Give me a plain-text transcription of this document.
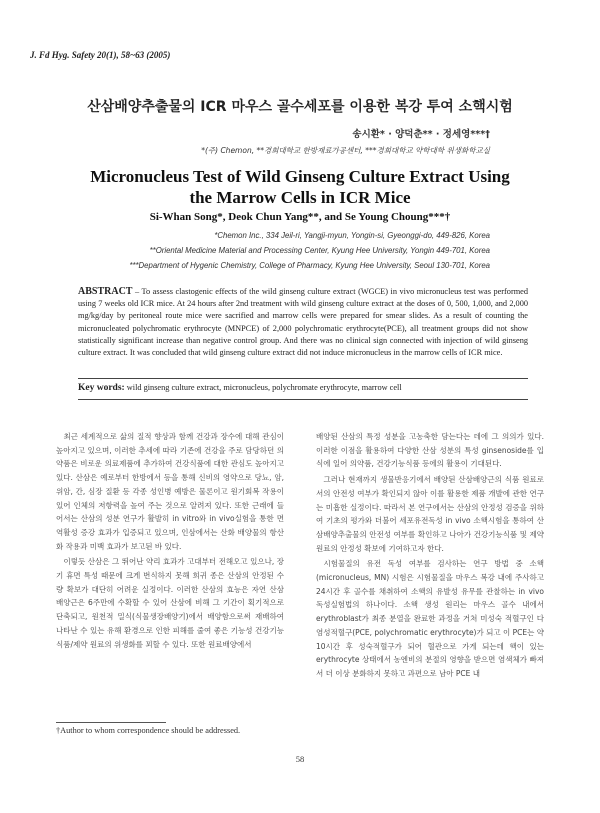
J. Fd Hyg. Safety 20(1), 58~63 (2005)
산삼배양추출물의 ICR 마우스 골수세포를 이용한 복강 투여 소핵시험
송시환* · 양덕춘** · 정세영***†
*(주) Chemon, **경희대학교 한방재료가공센터, ***경희대학교 약학대학 위생화학교실
Micronucleus Test of Wild Ginseng Culture Extract Using
the Marrow Cells in ICR Mice
Si-Whan Song*, Deok Chun Yang**, and Se Young Choung***†
*Chemon Inc., 334 Jeil-ri, Yangji-myun, Yongin-si, Gyeonggi-do, 449-826, Korea
**Oriental Medicine Material and Processing Center, Kyung Hee University, Yongin 449-701, Korea
***Department of Hygenic Chemistry, College of Pharmacy, Kyung Hee University, Seoul 130-701, Korea
ABSTRACT – To assess clastogenic effects of the wild ginseng culture extract (WGCE) in vivo micronucleus test was performed using 7 weeks old ICR mice. At 24 hours after 2nd treatment with wild ginseng culture extract at the doses of 0, 500, 1,000, and 2,000 mg/kg/day by peritoneal route mice were sacrified and marrow cells were prepared for smear slides. As a result of counting the micronucleated polychromatic erythrocyte (MNPCE) of 2,000 polychromatic erythrocyte(PCE), all treatment groups did not show statistically significant increase than negative control group. And there was no clinical sign connected with injection of wild ginseng culture extract. It was concluded that wild ginseng culture extract did not induce micronucleus in the marrow cells of ICR mice.
Key words: wild ginseng culture extract, micronucleus, polychromate erythrocyte, marrow cell

최근 세계적으로 삶의 질적 향상과 함께 건강과 장수에 대해 관심이 높아지고 있으며, 이러한 추세에 따라 기존에 건강을 주로 담당하던 의약품은 비로운 의료제품에 추가하여 건강식품에 대한 관심도 높아지고 있다. 산삼은 예로부터 한방에서 등을 통해 신비의 영약으로 당뇨, 암, 위암, 간, 심장 질환 등 각종 성인병 예방은 물론이고 원기회복 작용이 있어 인체의 저항력을 높여 주는 것으로 알려져 있다. 또한 근래에 들어서는 산삼의 성분 연구가 활발히 in vitro와 in vivo실험을 통한 면역활성 증강 효과가 입증되고 있으며, 인삼에서는 산화 배양물의 항산화 작용과 미백 효과가 보고된 바 있다.

이렇듯 산삼은 그 뛰어난 약리 효과가 고대부터 전해오고 있으나, 장기 휴면 특성 때문에 크게 번식하지 못해 희귀 종은 산삼의 안정된 수량 확보가 대단히 어려운 실정이다. 이러한 산삼의 효능은 자연 산삼 배양근은 6주만에 수확할 수 있어 산삼에 비해 그 기간이 획기적으로 단축되고, 원천적 밀식(식물생장배양기)에서 배양함으로써 재배하여 나타난 수 있는 유해 환경으로 인한 피해를 줄여 좋은 기능성 건강기능식품/제약 원료의 위생화를 꾀할 수 있다. 또한 원료배양에서

배양된 산삼의 특정 성분을 고농축한 담는다는 데에 그 의의가 있다. 이러한 이점을 활용하여 다양한 산삼 성분의 특성 ginsenoside를 입식에 일어 의약품, 건강기능식품 등에의 활용이 기대된다.

그러나 현재까지 생물반응기에서 배양된 산삼배양근의 식품 원료로서의 안전성 여부가 확인되지 않아 이를 활용한 제품 개발에 관한 연구는 미흡한 실정이다. 따라서 본 연구에서는 산삼의 안정성 검증을 위하여 기초의 평가와 더불어 세포유전독성 in vivo 소핵시험을 통하여 산삼배양추출물의 안전성 여부를 확인하고 나아가 건강기능식품 및 제약 원료의 안정성 확보에 기여하고자 한다.

시험물질의 유전 독성 여부를 검사하는 연구 방법 중 소핵(micronucleus, MN) 시험은 시험물질을 마우스 복강 내에 주사하고 24시간 후 골수를 채취하여 소핵의 유발성 유무를 관찰하는 in vivo 독성실험법의 하나이다. 소핵 생성 원리는 마우스 골수 내에서 erythroblast가 최종 분열을 완료한 과정을 거쳐 미성숙 적혈구인 다염성적혈구(PCE, polychromatic erythrocyte)가 되고 이 PCE는 약 10시간 후 성숙적혈구가 되어 혈관으로 가게 되는데 핵이 있는 erythrocyte 상태에서 농엔비의 분절의 영향을 받으면 염색체가 빠져서 더 이상 분화하지 못하고 과편으로 남아 PCE 내

†Author to whom correspondence should be addressed.
58
